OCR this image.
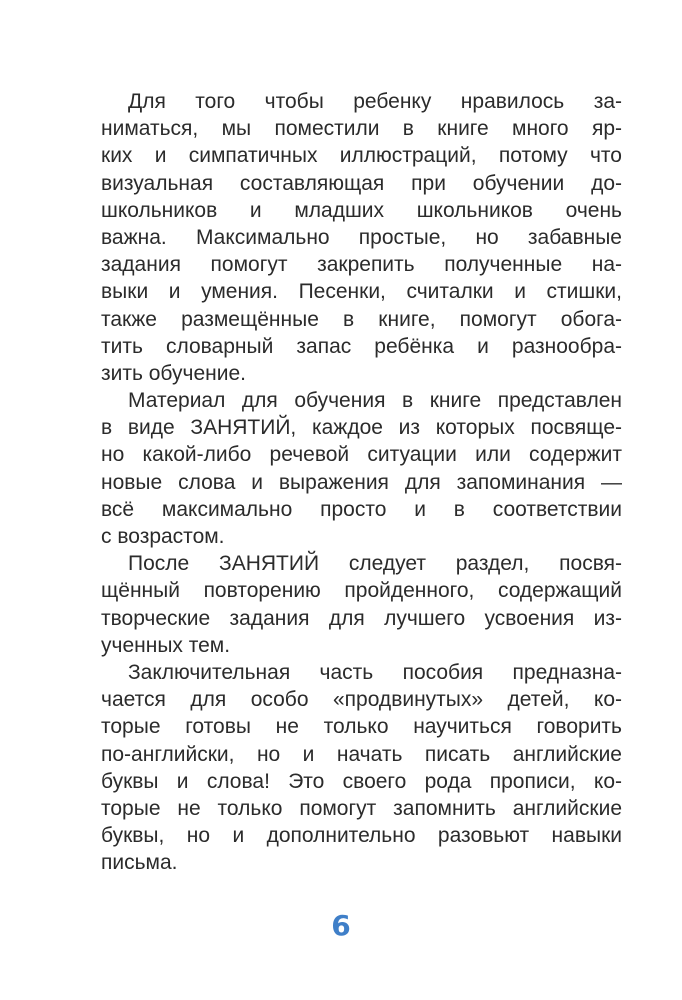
Для того чтобы ребенку нравилось за-
ниматься, мы поместили в книге много яр-
ких и симпатичных иллюстраций, потому что
визуальная составляющая при обучении до-
школьников и младших школьников очень
важна. Максимально простые, но забавные
задания помогут закрепить полученные на-
выки и умения. Песенки, считалки и стишки,
также размещённые в книге, помогут обога-
тить словарный запас ребёнка и разнообра-
зить обучение.
Материал для обучения в книге представлен
в виде ЗАНЯТИЙ, каждое из которых посвяще-
но какой-либо речевой ситуации или содержит
новые слова и выражения для запоминания —
всё максимально просто и в соответствии
с возрастом.
После ЗАНЯТИЙ следует раздел, посвя-
щённый повторению пройденного, содержащий
творческие задания для лучшего усвоения из-
ученных тем.
Заключительная часть пособия предназна-
чается для особо «продвинутых» детей, ко-
торые готовы не только научиться говорить
по-английски, но и начать писать английские
буквы и слова! Это своего рода прописи, ко-
торые не только помогут запомнить английские
буквы, но и дополнительно разовьют навыки
письма.
6
